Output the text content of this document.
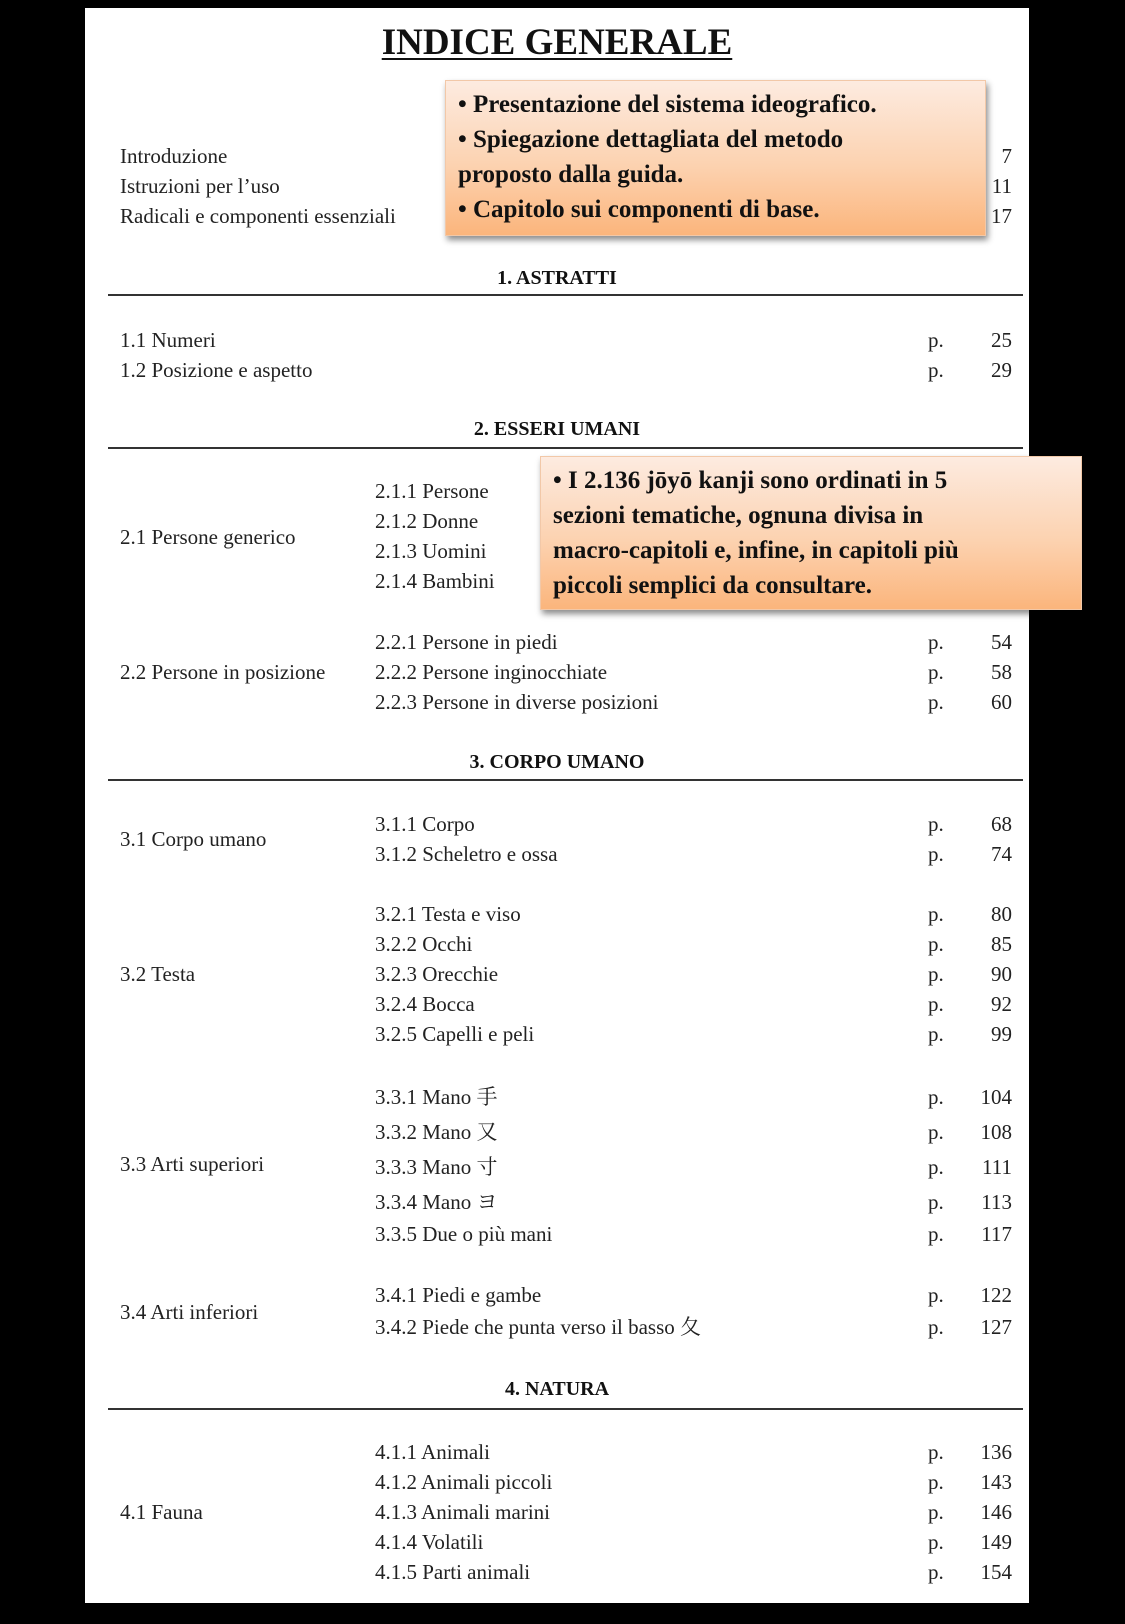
INDICE GENERALE
Introduzione	7
Istruzioni per l’uso	11
Radicali e componenti essenziali	17
1. ASTRATTI
1.1 Numeri	p. 25
1.2 Posizione e aspetto	p. 29
2. ESSERI UMANI
2.1 Persone generico
2.1.1 Persone
2.1.2 Donne
2.1.3 Uomini
2.1.4 Bambini
2.2 Persone in posizione
2.2.1 Persone in piedi	p. 54
2.2.2 Persone inginocchiate	p. 58
2.2.3 Persone in diverse posizioni	p. 60
3. CORPO UMANO
3.1 Corpo umano
3.1.1 Corpo	p. 68
3.1.2 Scheletro e ossa	p. 74
3.2 Testa
3.2.1 Testa e viso	p. 80
3.2.2 Occhi	p. 85
3.2.3 Orecchie	p. 90
3.2.4 Bocca	p. 92
3.2.5 Capelli e peli	p. 99
3.3 Arti superiori
3.3.1 Mano 手	p. 104
3.3.2 Mano 又	p. 108
3.3.3 Mano 寸	p. 111
3.3.4 Mano ヨ	p. 113
3.3.5 Due o più mani	p. 117
3.4 Arti inferiori
3.4.1 Piedi e gambe	p. 122
3.4.2 Piede che punta verso il basso 夂	p. 127
4. NATURA
4.1 Fauna
4.1.1 Animali	p. 136
4.1.2 Animali piccoli	p. 143
4.1.3 Animali marini	p. 146
4.1.4 Volatili	p. 149
4.1.5 Parti animali	p. 154
• Presentazione del sistema ideografico.
• Spiegazione dettagliata del metodo
proposto dalla guida.
• Capitolo sui componenti di base.
• I 2.136 jōyō kanji sono ordinati in 5
sezioni tematiche, ognuna divisa in
macro-capitoli e, infine, in capitoli più
piccoli semplici da consultare.
